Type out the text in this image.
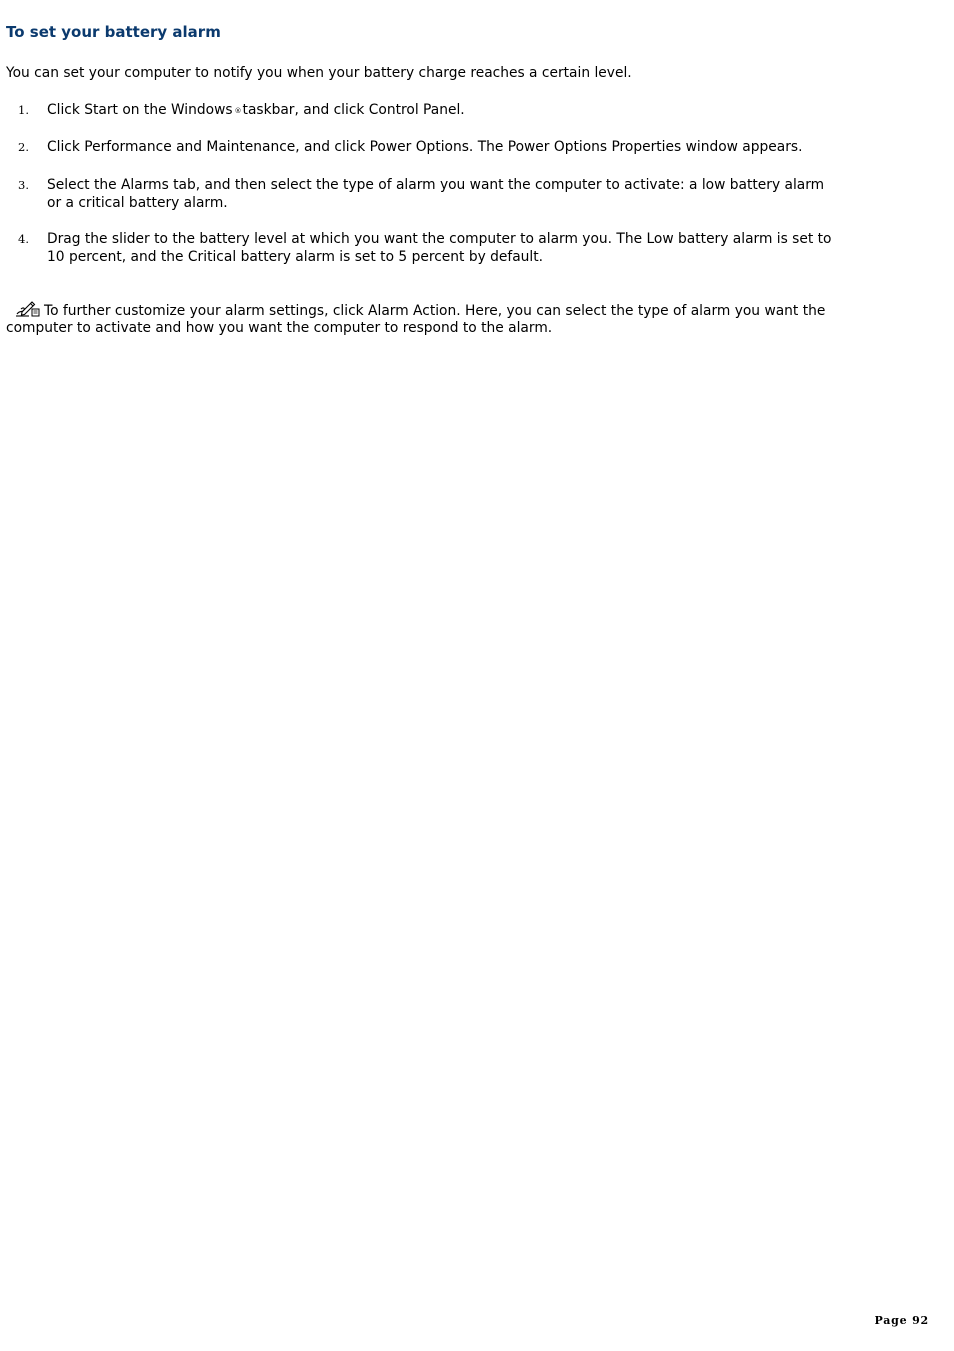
To set your battery alarm

You can set your computer to notify you when your battery charge reaches a certain level.

1. Click Start on the Windows ®taskbar, and click Control Panel.

2. Click Performance and Maintenance, and click Power Options. The Power Options Properties window appears.

3. Select the Alarms tab, and then select the type of alarm you want the computer to activate: a low battery alarm
or a critical battery alarm.

4. Drag the slider to the battery level at which you want the computer to alarm you. The Low battery alarm is set to
10 percent, and the Critical battery alarm is set to 5 percent by default.

To further customize your alarm settings, click Alarm Action. Here, you can select the type of alarm you want the
computer to activate and how you want the computer to respond to the alarm.

Page 92
